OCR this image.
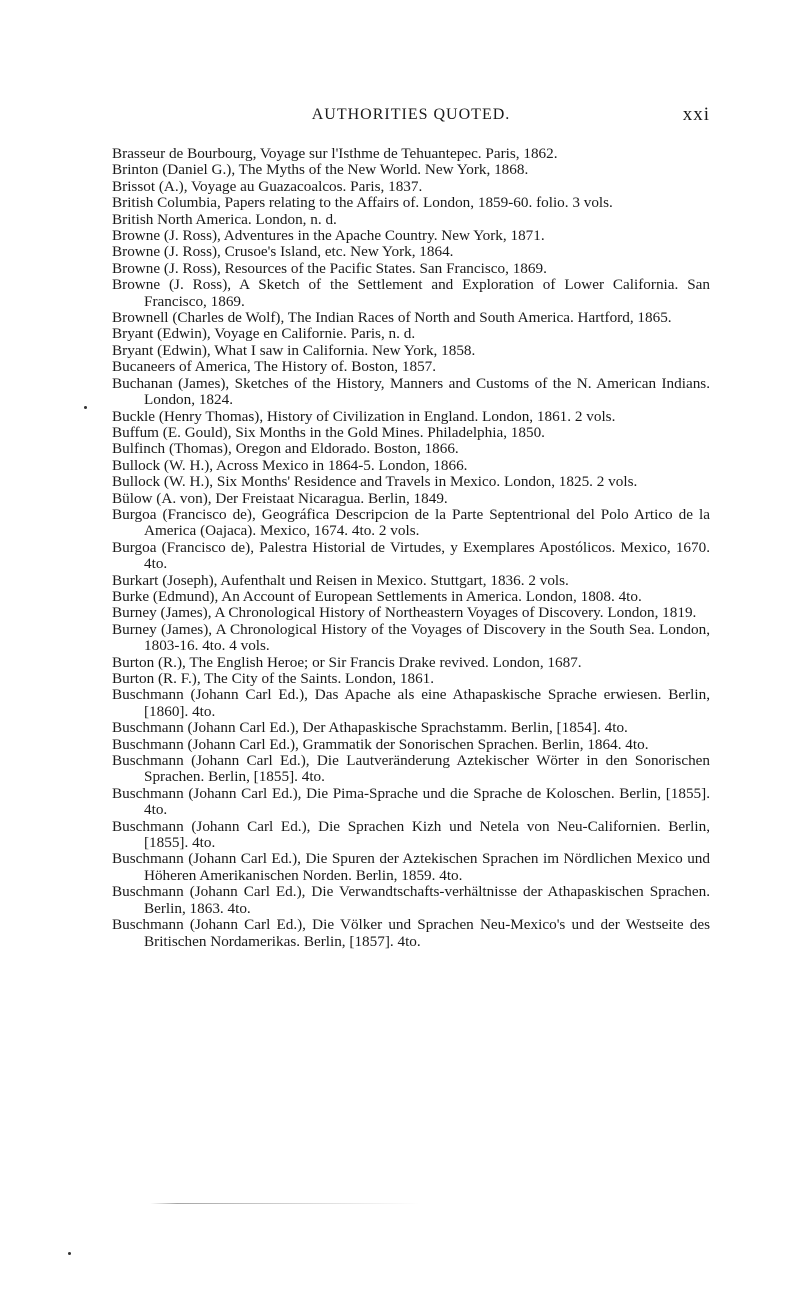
AUTHORITIES QUOTED.	xxi

Brasseur de Bourbourg, Voyage sur l'Isthme de Tehuantepec. Paris, 1862.

Brinton (Daniel G.), The Myths of the New World. New York, 1868.

Brissot (A.), Voyage au Guazacoalcos. Paris, 1837.

British Columbia, Papers relating to the Affairs of. London, 1859-60. folio. 3 vols.

British North America. London, n. d.

Browne (J. Ross), Adventures in the Apache Country. New York, 1871.

Browne (J. Ross), Crusoe's Island, etc. New York, 1864.

Browne (J. Ross), Resources of the Pacific States. San Francisco, 1869.

Browne (J. Ross), A Sketch of the Settlement and Exploration of Lower California. San Francisco, 1869.

Brownell (Charles de Wolf), The Indian Races of North and South America. Hartford, 1865.

Bryant (Edwin), Voyage en Californie. Paris, n. d.

Bryant (Edwin), What I saw in California. New York, 1858.

Bucaneers of America, The History of. Boston, 1857.

Buchanan (James), Sketches of the History, Manners and Customs of the N. American Indians. London, 1824.

Buckle (Henry Thomas), History of Civilization in England. London, 1861. 2 vols.

Buffum (E. Gould), Six Months in the Gold Mines. Philadelphia, 1850.

Bulfinch (Thomas), Oregon and Eldorado. Boston, 1866.

Bullock (W. H.), Across Mexico in 1864-5. London, 1866.

Bullock (W. H.), Six Months' Residence and Travels in Mexico. London, 1825. 2 vols.

Bülow (A. von), Der Freistaat Nicaragua. Berlin, 1849.

Burgoa (Francisco de), Geográfica Descripcion de la Parte Septentrional del Polo Artico de la America (Oajaca). Mexico, 1674. 4to. 2 vols.

Burgoa (Francisco de), Palestra Historial de Virtudes, y Exemplares Apostólicos. Mexico, 1670. 4to.

Burkart (Joseph), Aufenthalt und Reisen in Mexico. Stuttgart, 1836. 2 vols.

Burke (Edmund), An Account of European Settlements in America. London, 1808. 4to.

Burney (James), A Chronological History of Northeastern Voyages of Discovery. London, 1819.

Burney (James), A Chronological History of the Voyages of Discovery in the South Sea. London, 1803-16. 4to. 4 vols.

Burton (R.), The English Heroe; or Sir Francis Drake revived. London, 1687.

Burton (R. F.), The City of the Saints. London, 1861.

Buschmann (Johann Carl Ed.), Das Apache als eine Athapaskische Sprache erwiesen. Berlin, [1860]. 4to.

Buschmann (Johann Carl Ed.), Der Athapaskische Sprachstamm. Berlin, [1854]. 4to.

Buschmann (Johann Carl Ed.), Grammatik der Sonorischen Sprachen. Berlin, 1864. 4to.

Buschmann (Johann Carl Ed.), Die Lautveränderung Aztekischer Wörter in den Sonorischen Sprachen. Berlin, [1855]. 4to.

Buschmann (Johann Carl Ed.), Die Pima-Sprache und die Sprache de Koloschen. Berlin, [1855]. 4to.

Buschmann (Johann Carl Ed.), Die Sprachen Kizh und Netela von Neu-Californien. Berlin, [1855]. 4to.

Buschmann (Johann Carl Ed.), Die Spuren der Aztekischen Sprachen im Nördlichen Mexico und Höheren Amerikanischen Norden. Berlin, 1859. 4to.

Buschmann (Johann Carl Ed.), Die Verwandtschafts-verhältnisse der Athapaskischen Sprachen. Berlin, 1863. 4to.

Buschmann (Johann Carl Ed.), Die Völker und Sprachen Neu-Mexico's und der Westseite des Britischen Nordamerikas. Berlin, [1857]. 4to.
